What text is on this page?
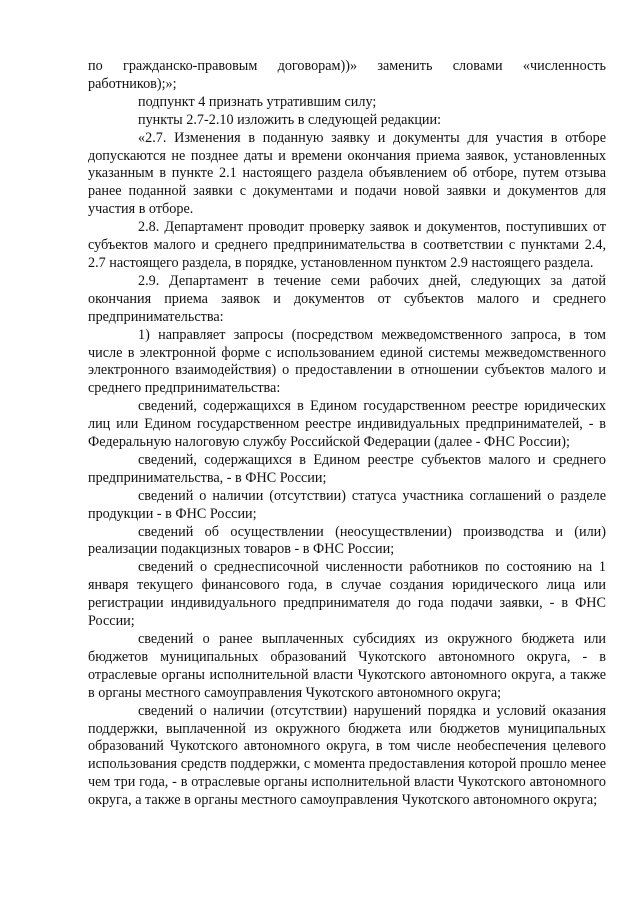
по гражданско-правовым договорам))» заменить словами «численность работников);»;

подпункт 4 признать утратившим силу;

пункты 2.7-2.10 изложить в следующей редакции:

«2.7. Изменения в поданную заявку и документы для участия в отборе допускаются не позднее даты и времени окончания приема заявок, установленных указанным в пункте 2.1 настоящего раздела объявлением об отборе, путем отзыва ранее поданной заявки с документами и подачи новой заявки и документов для участия в отборе.

2.8. Департамент проводит проверку заявок и документов, поступивших от субъектов малого и среднего предпринимательства в соответствии с пунктами 2.4, 2.7 настоящего раздела, в порядке, установленном пунктом 2.9 настоящего раздела.

2.9. Департамент в течение семи рабочих дней, следующих за датой окончания приема заявок и документов от субъектов малого и среднего предпринимательства:

1) направляет запросы (посредством межведомственного запроса, в том числе в электронной форме с использованием единой системы межведомственного электронного взаимодействия) о предоставлении в отношении субъектов малого и среднего предпринимательства:

сведений, содержащихся в Едином государственном реестре юридических лиц или Едином государственном реестре индивидуальных предпринимателей, - в Федеральную налоговую службу Российской Федерации (далее - ФНС России);

сведений, содержащихся в Едином реестре субъектов малого и среднего предпринимательства, - в ФНС России;

сведений о наличии (отсутствии) статуса участника соглашений о разделе продукции - в ФНС России;

сведений об осуществлении (неосуществлении) производства и (или) реализации подакцизных товаров - в ФНС России;

сведений о среднесписочной численности работников по состоянию на 1 января текущего финансового года, в случае создания юридического лица или регистрации индивидуального предпринимателя до года подачи заявки, - в ФНС России;

сведений о ранее выплаченных субсидиях из окружного бюджета или бюджетов муниципальных образований Чукотского автономного округа, - в отраслевые органы исполнительной власти Чукотского автономного округа, а также в органы местного самоуправления Чукотского автономного округа;

сведений о наличии (отсутствии) нарушений порядка и условий оказания поддержки, выплаченной из окружного бюджета или бюджетов муниципальных образований Чукотского автономного округа, в том числе необеспечения целевого использования средств поддержки, с момента предоставления которой прошло менее чем три года, - в отраслевые органы исполнительной власти Чукотского автономного округа, а также в органы местного самоуправления Чукотского автономного округа;
